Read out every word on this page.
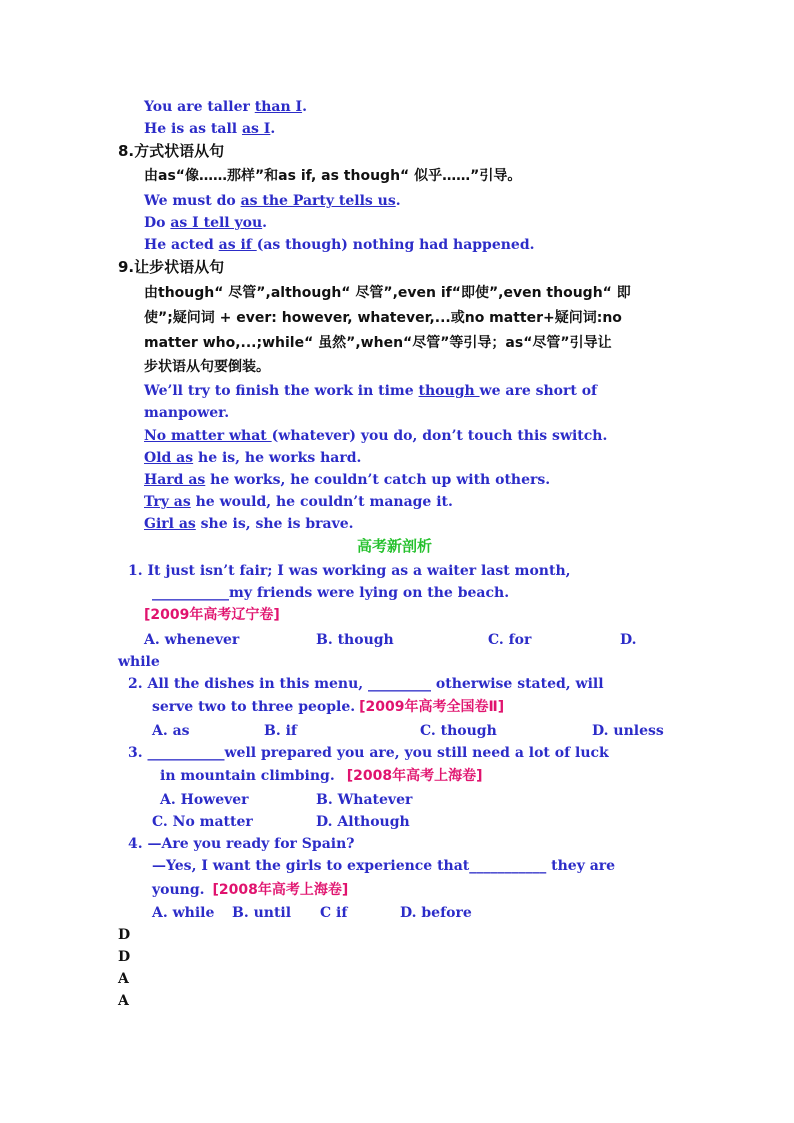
You are taller than I.
He is as tall as I.
8.方式状语从句
由as“像……那样”和as if, as though“ 似乎……”引导。
We must do as the Party tells us.
Do as I tell you.
He acted as if (as though) nothing had happened.
9.让步状语从句
由though“ 尽管”,although“ 尽管”,even if“即使”,even though“ 即
使”;疑问词 + ever: however, whatever,...或no matter+疑问词:no
matter who,...;while“ 虽然”,when“尽管”等引导；as“尽管”引导让
步状语从句要倒装。
We’ll try to finish the work in time though we are short of
manpower.
No matter what (whatever) you do, don’t touch this switch.
Old as he is, he works hard.
Hard as he works, he couldn’t catch up with others.
Try as he would, he couldn’t manage it.
Girl as she is, she is brave.
高考新剖析
1. It just isn’t fair; I was working as a waiter last month,
___________my friends were lying on the beach.
[2009年高考辽宁卷]
A. whenever	B. though	C. for	D.
while
2. All the dishes in this menu, _________ otherwise stated, will
serve two to three people. [2009年高考全国卷Ⅱ]
A. as	B. if	C. though	D. unless
3. ___________well prepared you are, you still need a lot of luck
in mountain climbing. [2008年高考上海卷]
A. However	B. Whatever
C. No matter	D. Although
4. —Are you ready for Spain?
—Yes, I want the girls to experience that___________ they are
young. [2008年高考上海卷]
A. while B. until C if	D. before
D
D
A
A
